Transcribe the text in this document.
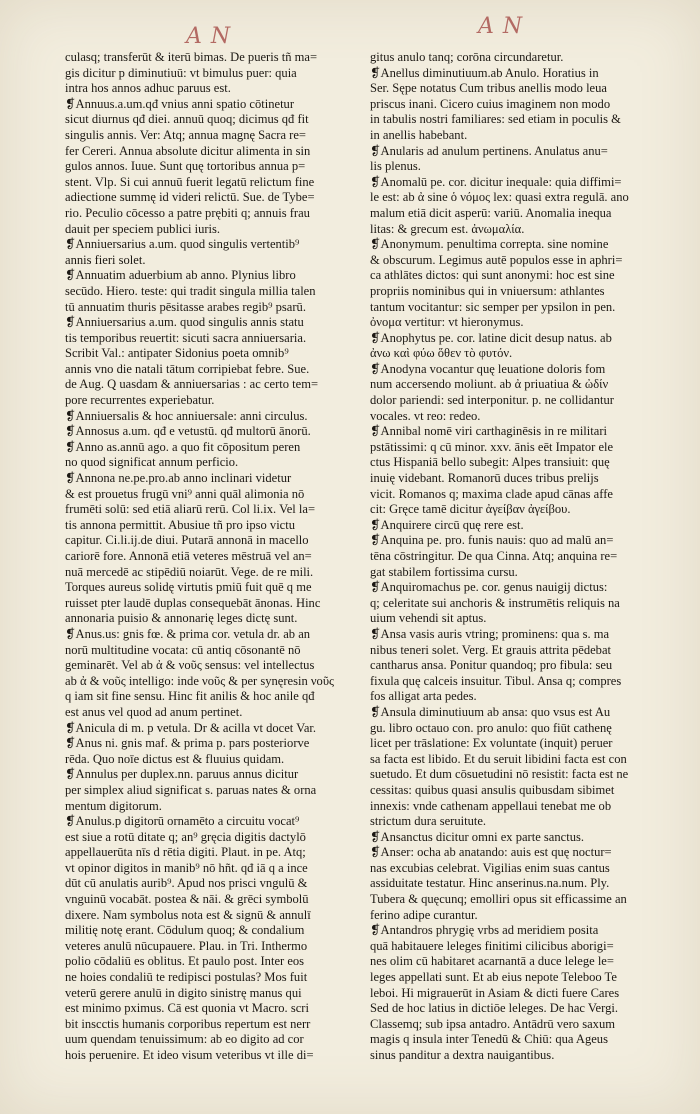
A N	A N
culasq; transferūt & iterū bimas. De pueris tñ ma=
gis dicitur p diminutiuū: vt bimulus puer: quia
intra hos annos adhuc paruus est.
❡Annuus.a.um.qđ vnius anni spatio cōtinetur
sicut diurnus qđ diei. annuū quoq; dicimus qđ fit
singulis annis. Ver: Atq; annua magnę Sacra re=
fer Cereri. Annua absolute dicitur alimenta in sin
gulos annos. Iuue. Sunt quę tortoribus annua p=
stent. Vlp. Si cui annuū fuerit legatū relictum fine
adiectione summę id videri relictū. Sue. de Tybe=
rio. Peculio cōcesso a patre prębiti q; annuis frau
dauit per speciem publici iuris.
❡Anniuersarius a.um. quod singulis vertentib⁹
annis fieri solet.
❡Annuatim aduerbium ab anno. Plynius libro
secūdo. Hiero. teste: qui tradit singula millia talen
tū annuatim thuris pēsitasse arabes regib⁹ psarū.
❡Anniuersarius a.um. quod singulis annis statu
tis temporibus reuertit: sicuti sacra anniuersaria.
Scribit Val.: antipater Sidonius poeta omnib⁹
annis vno die natali tātum corripiebat febre. Sue.
de Aug. Q uasdam & anniuersarias : ac certo tem=
pore recurrentes experiebatur.
❡Anniuersalis & hoc anniuersale: anni circulus.
❡Annosus a.um. qđ e vetustū. qđ multorū ānorū.
❡Anno as.annū ago. a quo fit cōpositum peren
no quod significat annum perficio.
❡Annona ne.pe.pro.ab anno inclinari videtur
& est prouetus frugū vni⁹ anni quāl alimonia nō
frumēti solū: sed etiā aliarū rerū. Col li.ix. Vel la=
tis annona permittit. Abusiue tñ pro ipso victu
capitur. Ci.li.ij.de diui. Putarā annonā in macello
cariorē fore. Annonā etiā veteres mēstruā vel an=
nuā mercedē ac stipēdiū noiarūt. Vege. de re mili.
Torques aureus solidę virtutis pmiū fuit quē q me
ruisset pter laudē duplas consequebāt ānonas. Hinc
annonaria puisio & annonarię leges dictę sunt.
❡Anus.us: gnis fœ. & prima cor. vetula dr. ab an
norū multitudine vocata: cū antiq cōsonantē nō
geminarēt. Vel ab ἀ & νοῦς sensus: vel intellectus
ab ἀ & νοῦς intelligo: inde νοῦς & per synęresin νοῦς
q iam sit fine sensu. Hinc fit anilis & hoc anile qđ
est anus vel quod ad anum pertinet.
❡Anicula di m. p vetula. Dr & acilla vt docet Var.
❡Anus ni. gnis maf. & prima p. pars posteriorve
rēda. Quo noīe dictus est & fluuius quidam.
❡Annulus per duplex.nn. paruus annus dicitur
per simplex aliud significat s. paruas nates & orna
mentum digitorum.
❡Anulus.p digitorū ornamēto a circuitu vocat⁹
est siue a rotū ditate q; an⁹ gręcia digitis dactylō
appellauerūta nīs d rētia digiti. Plaut. in pe. Atq;
vt opinor digitos in manib⁹ nō hñt. qđ iā q a ince
dūt cū anulatis aurib⁹. Apud nos prisci vngulū &
vnguinū vocabāt. postea & nāi. & grēci symbolū
dixere. Nam symbolus nota est & signū & annulī
militię notę erant. Cōdulum quoq; & condalium
veteres anulū nūcupauere. Plau. in Tri. Inthermo
polio cōdaliū es oblitus. Et paulo post. Inter eos
ne hoies condaliū te redipisci postulas? Mos fuit
veterū gerere anulū in digito sinistrę manus qui
est minimo pximus. Cā est quonia vt Macro. scri
bit inscctis humanis corporibus repertum est nerr
uum quendam tenuissimum: ab eo digito ad cor
hois peruenire. Et ideo visum veteribus vt ille di=
gitus anulo tanq; corōna circundaretur.
❡Anellus diminutiuum.ab Anulo. Horatius in
Ser. Sępe notatus Cum tribus anellis modo leua
priscus inani. Cicero cuius imaginem non modo
in tabulis nostri familiares: sed etiam in poculis &
in anellis habebant.
❡Anularis ad anulum pertinens. Anulatus anu=
lis plenus.
❡Anomalū pe. cor. dicitur inequale: quia diffimi=
le est: ab ἀ sine ὁ νόμος lex: quasi extra regulā. ano
malum etiā dicit asperū: variū. Anomalia inequa
litas: & grecum est. ἀνωμαλία.
❡Anonymum. penultima correpta. sine nomine
& obscurum. Legimus autē populos esse in aphri=
ca athlātes dictos: qui sunt anonymi: hoc est sine
propriis nominibus qui in vniuersum: athlantes
tantum vocitantur: sic semper per ypsilon in pen.
ὀνομα vertitur: vt hieronymus.
❡Anophytus pe. cor. latine dicit desup natus. ab
ἀνω καὶ φύω ὅθεν τὸ φυτόν.
❡Anodyna vocantur quę leuatione doloris fom
num accersendo moliunt. ab ἀ priuatiua & ὠδίν
dolor pariendi: sed interponitur. p. ne collidantur
vocales. vt reo: redeo.
❡Annibal nomē viri carthaginēsis in re militari
pstātissimi: q cū minor. xxv. ānis eēt Impator ele
ctus Hispaniā bello subegit: Alpes transiuit: quę
inuię videbant. Romanorū duces tribus prelijs
vicit. Romanos q; maxima clade apud cānas affe
cit: Gręce tamē dicitur ἀγείβαν ἀγείβου.
❡Anquirere circū quę rere est.
❡Anquina pe. pro. funis nauis: quo ad malū an=
tēna cōstringitur. De qua Cinna. Atq; anquina re=
gat stabilem fortissima cursu.
❡Anquiromachus pe. cor. genus nauigij dictus:
q; celeritate sui anchoris & instrumētis reliquis na
uium vehendi sit aptus.
❡Ansa vasis auris vtring; prominens: qua s. ma
nibus teneri solet. Verg. Et grauis attrita pēdebat
cantharus ansa. Ponitur quandoq; pro fibula: seu
fixula quę calceis insuitur. Tibul. Ansa q; compres
fos alligat arta pedes.
❡Ansula diminutiuum ab ansa: quo vsus est Au
gu. libro octauo con. pro anulo: quo fiūt cathenę
licet per trāslatione: Ex voluntate (inquit) peruer
sa facta est libido. Et du seruit libidini facta est con
suetudo. Et dum cōsuetudini nō resistit: facta est ne
cessitas: quibus quasi ansulis quibusdam sibimet
innexis: vnde cathenam appellaui tenebat me ob
strictum dura seruitute.
❡Ansanctus dicitur omni ex parte sanctus.
❡Anser: ocha ab anatando: auis est quę noctur=
nas excubias celebrat. Vigilias enim suas cantus
assiduitate testatur. Hinc anserinus.na.num. Ply.
Tubera & quęcunq; emolliri opus sit efficassime an
ferino adipe curantur.
❡Antandros phrygię vrbs ad meridiem posita
quā habitauere leleges finitimi cilicibus aborigi=
nes olim cū habitaret acarnantā a duce lelege le=
leges appellati sunt. Et ab eius nepote Teleboo Te
leboi. Hi migrauerūt in Asiam & dicti fuere Cares
Sed de hoc latius in dictiōe leleges. De hac Vergi.
Classemq; sub ipsa antadro. Antādrū vero saxum
magis q insula inter Tenedū & Chiū: qua Ageus
sinus panditur a dextra nauigantibus.
